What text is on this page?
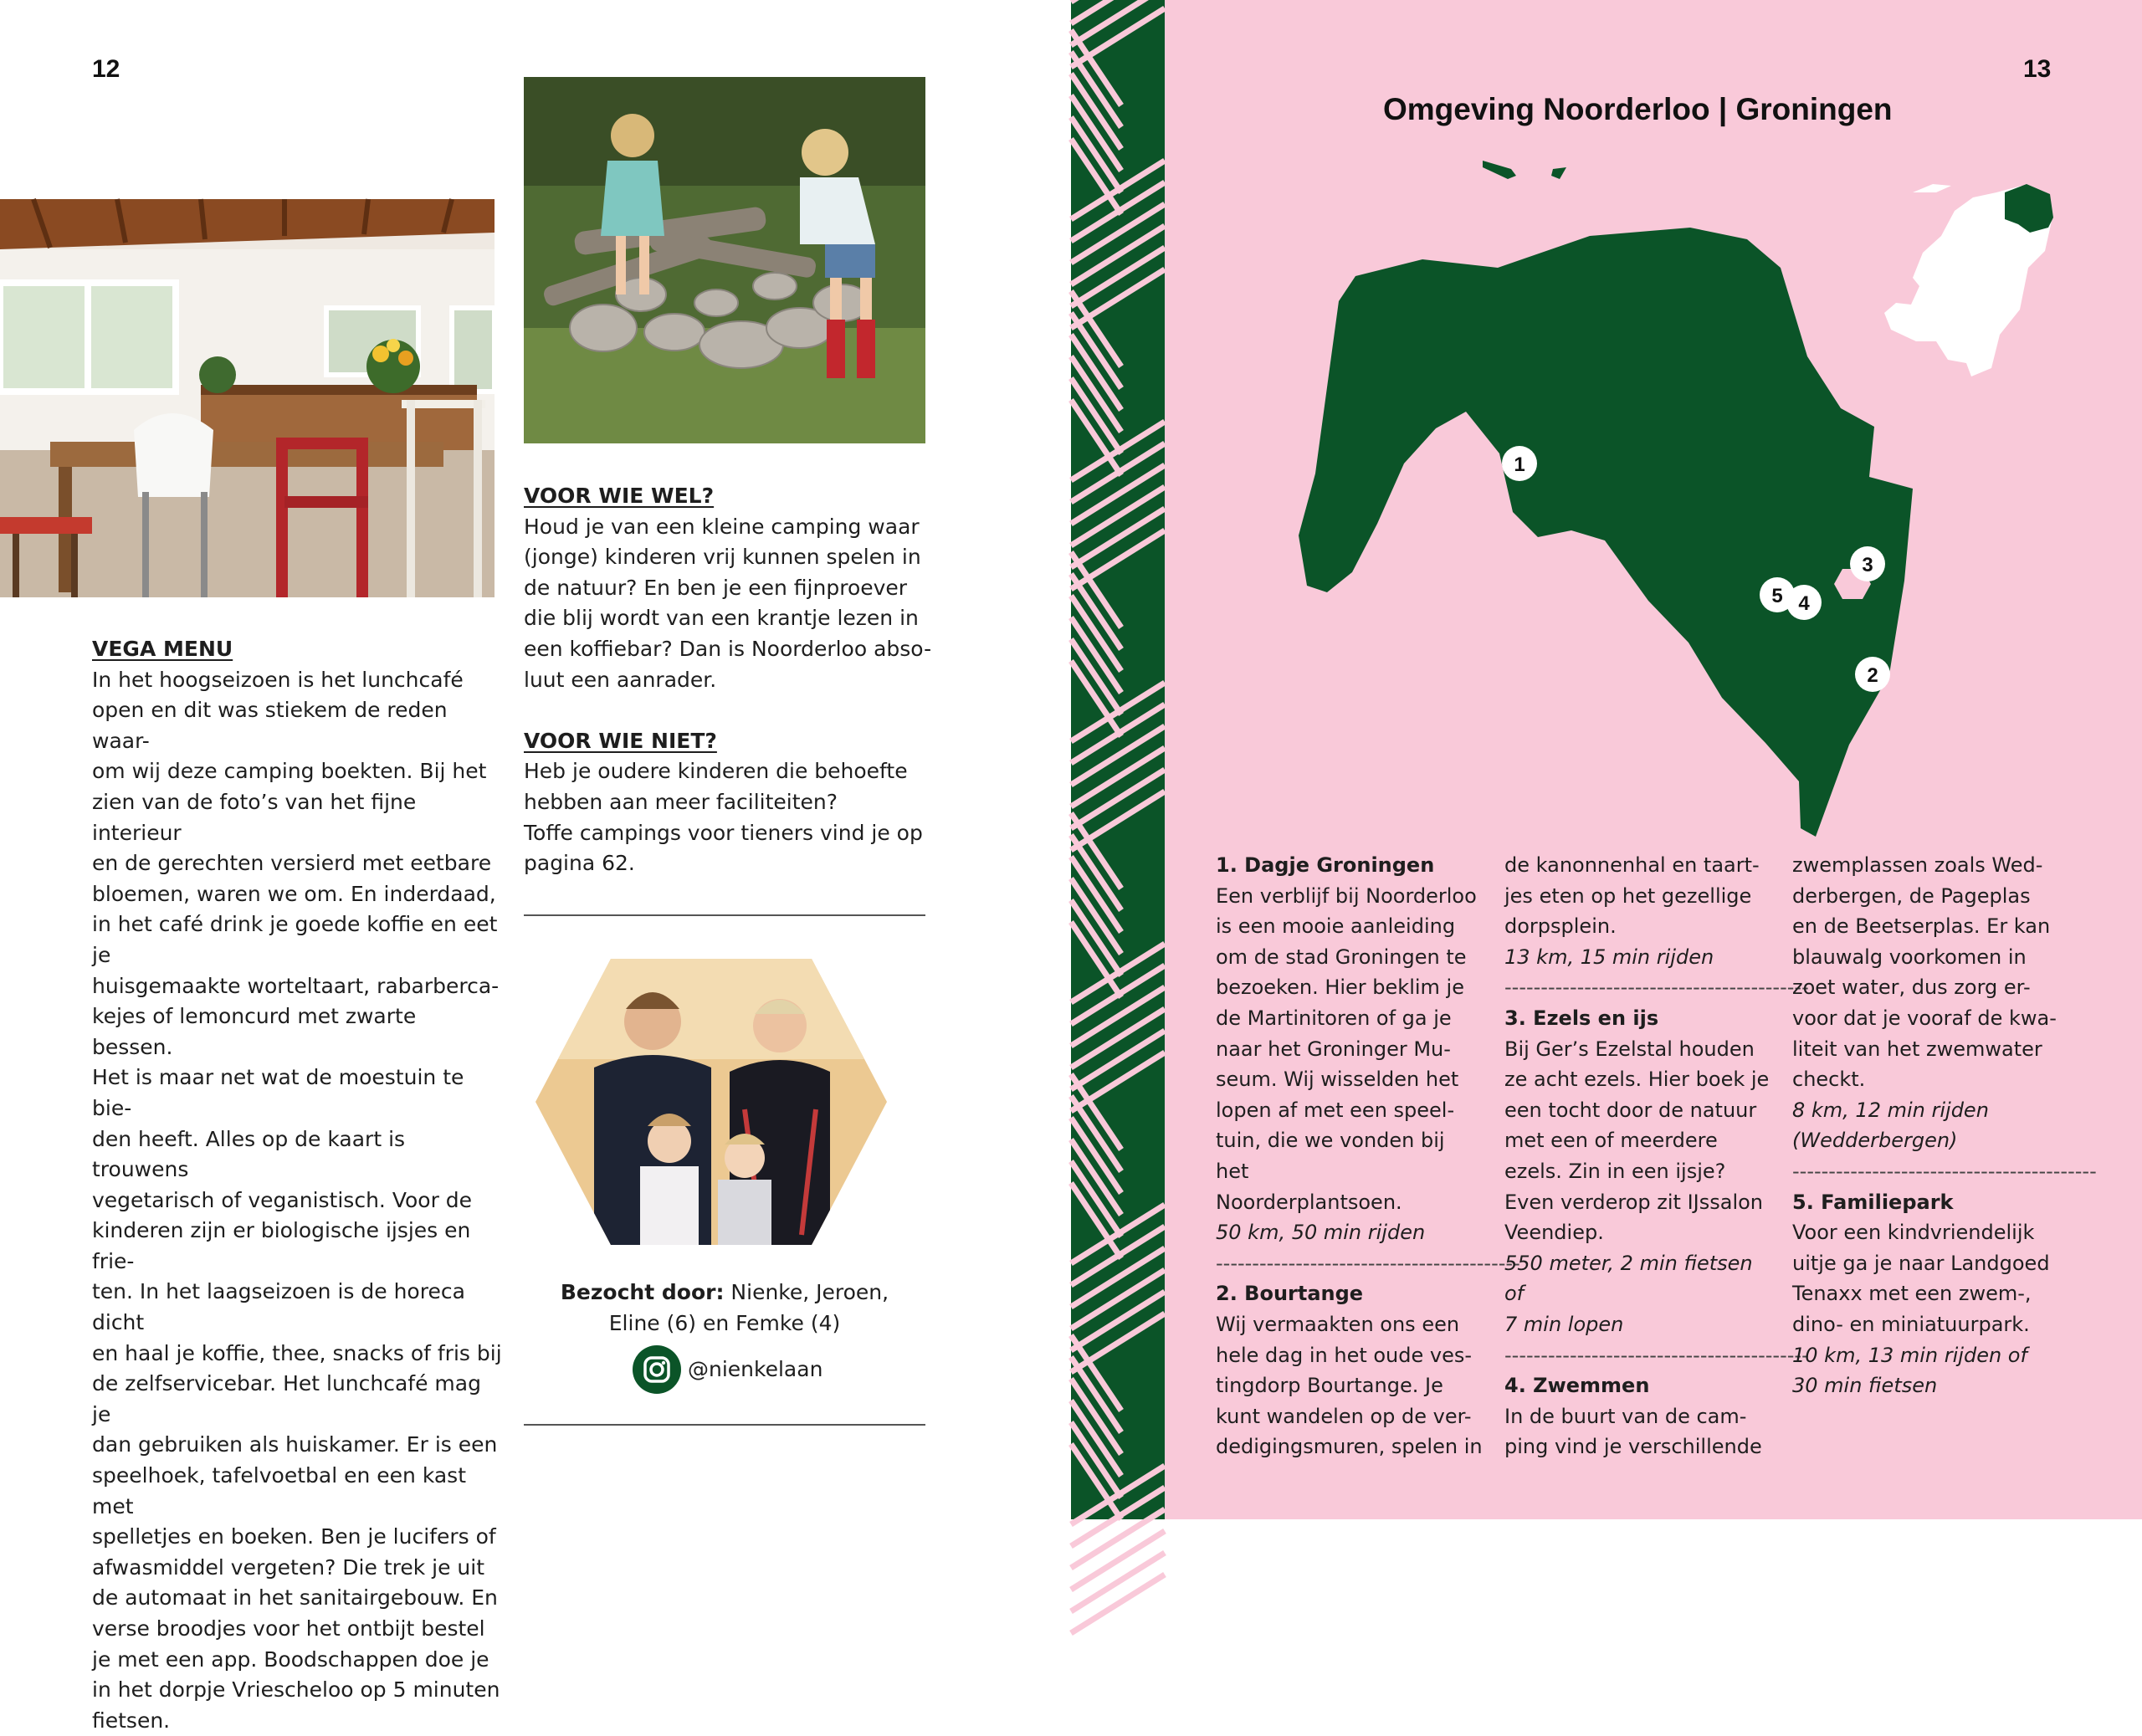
12
VOOR WIE WEL?
Houd je van een kleine camping waar
(jonge) kinderen vrij kunnen spelen in
de natuur? En ben je een fijnproever
die blij wordt van een krantje lezen in
een koffiebar? Dan is Noorderloo abso-
luut een aanrader.
VOOR WIE NIET?
Heb je oudere kinderen die behoefte
hebben aan meer faciliteiten?
Toffe campings voor tieners vind je op
pagina 62.
Bezocht door: Nienke, Jeroen,
Eline (6) en Femke (4)
@nienkelaan
VEGA MENU
In het hoogseizoen is het lunchcafé
open en dit was stiekem de reden waar-
om wij deze camping boekten. Bij het
zien van de foto’s van het fijne interieur
en de gerechten versierd met eetbare
bloemen, waren we om. En inderdaad,
in het café drink je goede koffie en eet je
huisgemaakte worteltaart, rabarberca-
kejes of lemoncurd met zwarte bessen.
Het is maar net wat de moestuin te bie-
den heeft. Alles op de kaart is trouwens
vegetarisch of veganistisch. Voor de
kinderen zijn er biologische ijsjes en frie-
ten. In het laagseizoen is de horeca dicht
en haal je koffie, thee, snacks of fris bij
de zelfservicebar. Het lunchcafé mag je
dan gebruiken als huiskamer. Er is een
speelhoek, tafelvoetbal en een kast met
spelletjes en boeken. Ben je lucifers of
afwasmiddel vergeten? Die trek je uit
de automaat in het sanitairgebouw. En
verse broodjes voor het ontbijt bestel
je met een app. Boodschappen doe je
in het dorpje Vriescheloo op 5 minuten
fietsen.
13
Omgeving Noorderloo | Groningen
1
3
5 4
2

1. Dagje Groningen

Een verblijf bij Noorderloo

is een mooie aanleiding

om de stad Groningen te

bezoeken. Hier beklim je

de Martinitoren of ga je

naar het Groninger Mu-

seum. Wij wisselden het

lopen af met een speel-

tuin, die we vonden bij het

Noorderplantsoen.

50 km, 50 min rijden

------------------------------------------

2. Bourtange

Wij vermaakten ons een

hele dag in het oude ves-

tingdorp Bourtange. Je

kunt wandelen op de ver-

dedigingsmuren, spelen in

de kanonnenhal en taart-

jes eten op het gezellige

dorpsplein.

13 km, 15 min rijden

------------------------------------------

3. Ezels en ijs

Bij Ger’s Ezelstal houden

ze acht ezels. Hier boek je

een tocht door de natuur

met een of meerdere

ezels. Zin in een ijsje?

Even verderop zit IJssalon

Veendiep.

550 meter, 2 min fietsen of

7 min lopen

------------------------------------------

4. Zwemmen

In de buurt van de cam-

ping vind je verschillende

zwemplassen zoals Wed-

derbergen, de Pageplas

en de Beetserplas. Er kan

blauwalg voorkomen in

zoet water, dus zorg er-

voor dat je vooraf de kwa-

liteit van het zwemwater

checkt.

8 km, 12 min rijden

(Wedderbergen)

------------------------------------------

5. Familiepark

Voor een kindvriendelijk

uitje ga je naar Landgoed

Tenaxx met een zwem-,

dino- en miniatuurpark.

10 km, 13 min rijden of

30 min fietsen
